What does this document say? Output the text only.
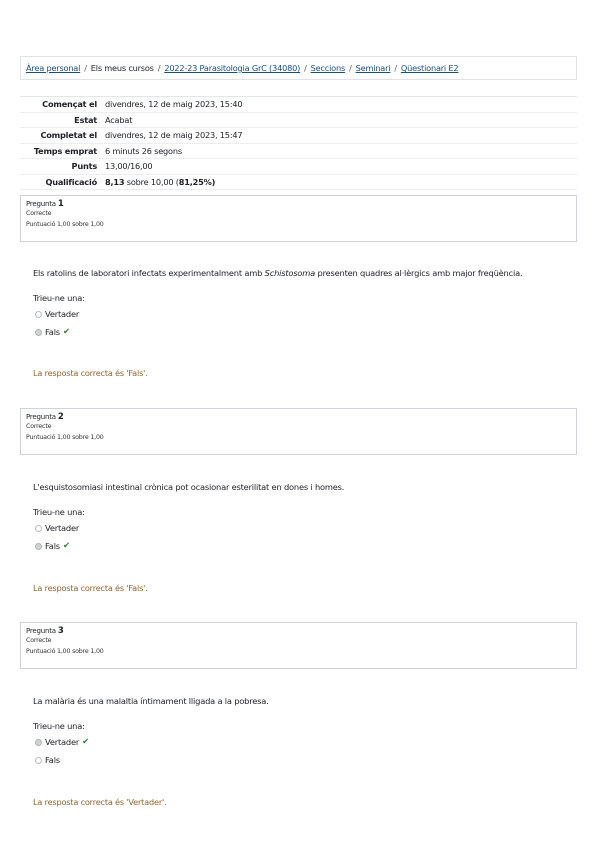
Àrea personal / Els meus cursos / 2022-23 Parasitologia GrC (34080) / Seccions / Seminari / Qüestionari E2
Començat el divendres, 12 de maig 2023, 15:40
Estat Acabat
Completat el divendres, 12 de maig 2023, 15:47
Temps emprat 6 minuts 26 segons
Punts 13,00/16,00
Qualificació 8,13 sobre 10,00 (81,25%)
Pregunta 1
Correcte
Puntuació 1,00 sobre 1,00
Els ratolins de laboratori infectats experimentalment amb Schistosoma presenten quadres al·lèrgics amb major freqüència.
Trieu-ne una:
Vertader
Fals ✔
La resposta correcta és 'Fals'.
Pregunta 2
Correcte
Puntuació 1,00 sobre 1,00
L'esquistosomiasi intestinal crònica pot ocasionar esterilitat en dones i homes.
Trieu-ne una:
Vertader
Fals ✔
La resposta correcta és 'Fals'.
Pregunta 3
Correcte
Puntuació 1,00 sobre 1,00
La malària és una malaltia íntimament lligada a la pobresa.
Trieu-ne una:
Vertader ✔
Fals
La resposta correcta és 'Vertader'.
